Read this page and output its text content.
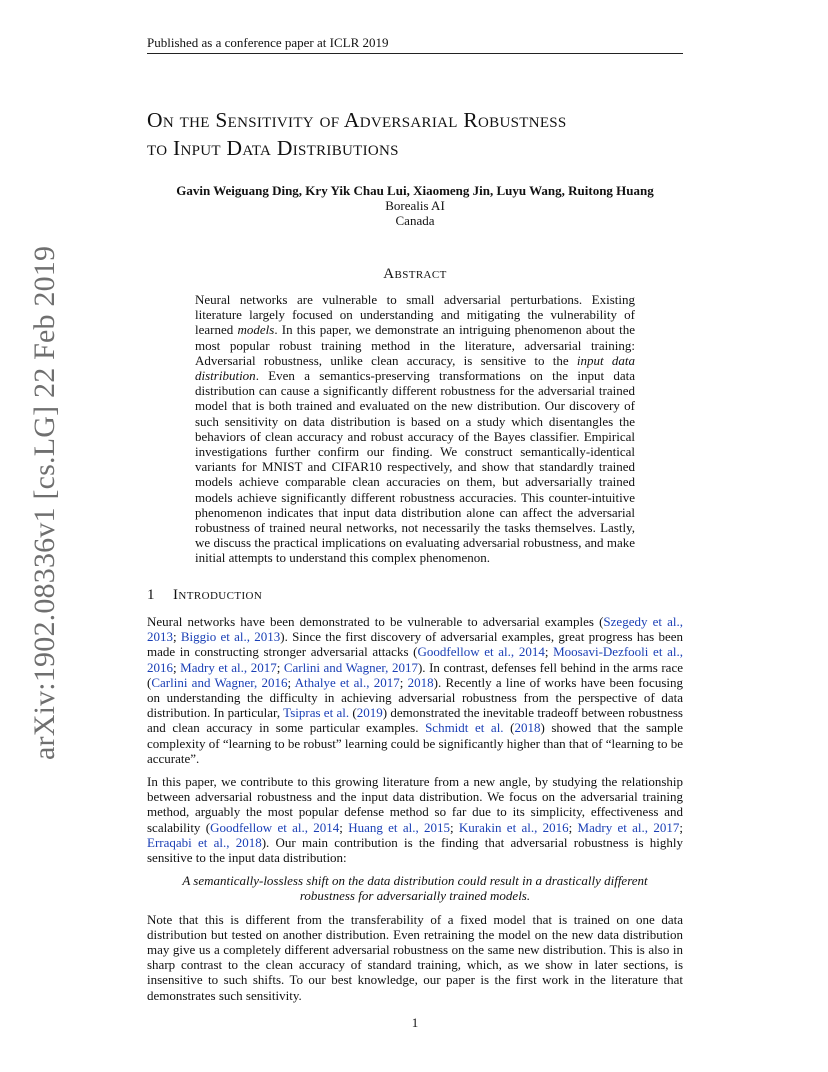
Published as a conference paper at ICLR 2019
arXiv:1902.08336v1 [cs.LG] 22 Feb 2019
On the Sensitivity of Adversarial Robustness
to Input Data Distributions
Gavin Weiguang Ding, Kry Yik Chau Lui, Xiaomeng Jin, Luyu Wang, Ruitong Huang
Borealis AI
Canada
Abstract
Neural networks are vulnerable to small adversarial perturbations. Existing literature largely focused on understanding and mitigating the vulnerability of learned models. In this paper, we demonstrate an intriguing phenomenon about the most popular robust training method in the literature, adversarial training: Adversarial robustness, unlike clean accuracy, is sensitive to the input data distribution. Even a semantics-preserving transformations on the input data distribution can cause a significantly different robustness for the adversarial trained model that is both trained and evaluated on the new distribution. Our discovery of such sensitivity on data distribution is based on a study which disentangles the behaviors of clean accuracy and robust accuracy of the Bayes classifier. Empirical investigations further confirm our finding. We construct semantically-identical variants for MNIST and CIFAR10 respectively, and show that standardly trained models achieve comparable clean accuracies on them, but adversarially trained models achieve significantly different robustness accuracies. This counter-intuitive phenomenon indicates that input data distribution alone can affect the adversarial robustness of trained neural networks, not necessarily the tasks themselves. Lastly, we discuss the practical implications on evaluating adversarial robustness, and make initial attempts to understand this complex phenomenon.
1 Introduction

Neural networks have been demonstrated to be vulnerable to adversarial examples (Szegedy et al., 2013; Biggio et al., 2013). Since the first discovery of adversarial examples, great progress has been made in constructing stronger adversarial attacks (Goodfellow et al., 2014; Moosavi-Dezfooli et al., 2016; Madry et al., 2017; Carlini and Wagner, 2017). In contrast, defenses fell behind in the arms race (Carlini and Wagner, 2016; Athalye et al., 2017; 2018). Recently a line of works have been focusing on understanding the difficulty in achieving adversarial robustness from the perspective of data distribution. In particular, Tsipras et al. (2019) demonstrated the inevitable tradeoff between robustness and clean accuracy in some particular examples. Schmidt et al. (2018) showed that the sample complexity of “learning to be robust” learning could be significantly higher than that of “learning to be accurate”.

In this paper, we contribute to this growing literature from a new angle, by studying the relationship between adversarial robustness and the input data distribution. We focus on the adversarial training method, arguably the most popular defense method so far due to its simplicity, effectiveness and scalability (Goodfellow et al., 2014; Huang et al., 2015; Kurakin et al., 2016; Madry et al., 2017; Erraqabi et al., 2018). Our main contribution is the finding that adversarial robustness is highly sensitive to the input data distribution:

A semantically-lossless shift on the data distribution could result in a drastically different robustness for adversarially trained models.

Note that this is different from the transferability of a fixed model that is trained on one data distribution but tested on another distribution. Even retraining the model on the new data distribution may give us a completely different adversarial robustness on the same new distribution. This is also in sharp contrast to the clean accuracy of standard training, which, as we show in later sections, is insensitive to such shifts. To our best knowledge, our paper is the first work in the literature that demonstrates such sensitivity.

1
